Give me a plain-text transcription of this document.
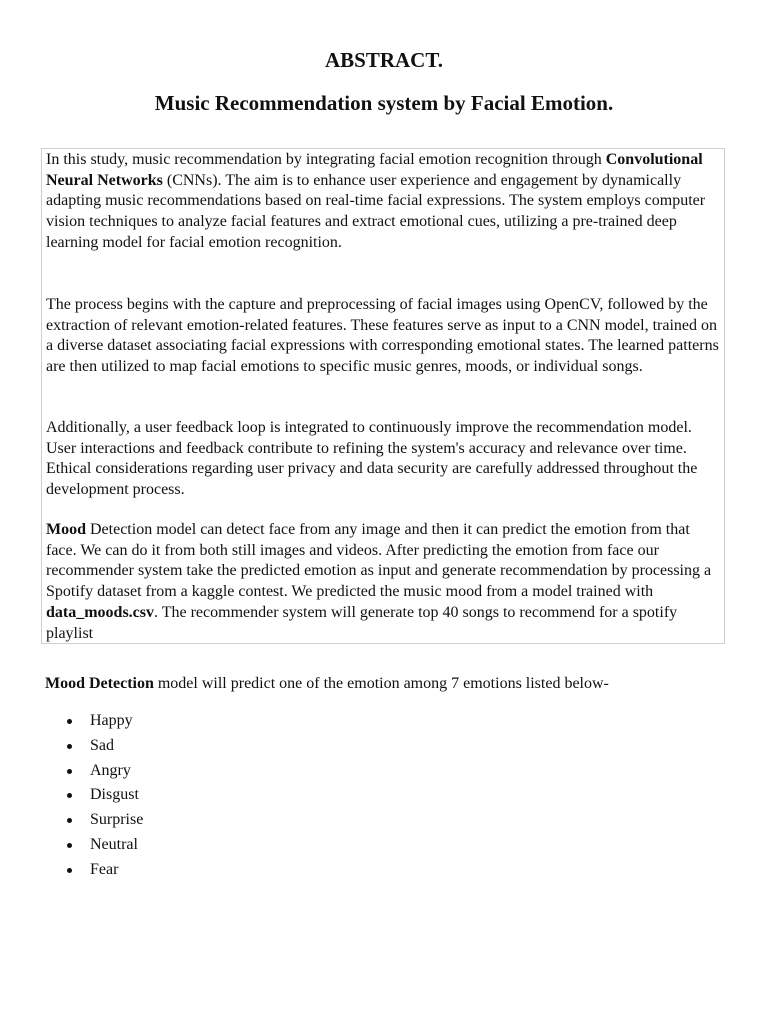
ABSTRACT.
Music Recommendation system by Facial Emotion.

In this study, music recommendation by integrating facial emotion recognition through Convolutional Neural Networks (CNNs). The aim is to enhance user experience and engagement by dynamically adapting music recommendations based on real-time facial expressions. The system employs computer vision techniques to analyze facial features and extract emotional cues, utilizing a pre-trained deep learning model for facial emotion recognition.

The process begins with the capture and preprocessing of facial images using OpenCV, followed by the extraction of relevant emotion-related features. These features serve as input to a CNN model, trained on a diverse dataset associating facial expressions with corresponding emotional states. The learned patterns are then utilized to map facial emotions to specific music genres, moods, or individual songs.

Additionally, a user feedback loop is integrated to continuously improve the recommendation model. User interactions and feedback contribute to refining the system's accuracy and relevance over time. Ethical considerations regarding user privacy and data security are carefully addressed throughout the development process.

Mood Detection model can detect face from any image and then it can predict the emotion from that face. We can do it from both still images and videos. After predicting the emotion from face our recommender system take the predicted emotion as input and generate recommendation by processing a Spotify dataset from a kaggle contest. We predicted the music mood from a model trained with data_moods.csv. The recommender system will generate top 40 songs to recommend for a spotify playlist

Mood Detection model will predict one of the emotion among 7 emotions listed below-

Happy
Sad
Angry
Disgust
Surprise
Neutral
Fear
